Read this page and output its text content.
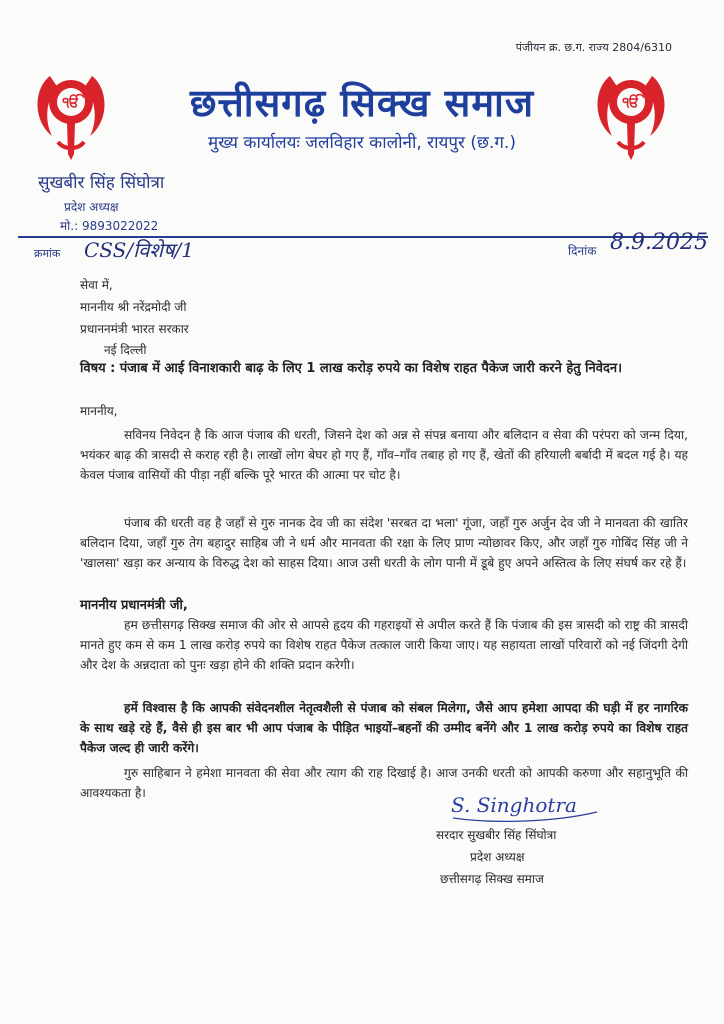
पंजीयन क्र. छ.ग. राज्य 2804/6310
ੴ	ੴ
छत्तीसगढ़ सिक्ख समाज
मुख्य कार्यालयः जलविहार कालोनी, रायपुर (छ.ग.)
सुखबीर सिंह सिंघोत्रा
प्रदेश अध्यक्ष
मो.: 9893022022
क्रमांक CSS/विशेष/1	दिनांक 8.9.2025
सेवा में,
माननीय श्री नरेंद्रमोदी जी
प्रधाननमंत्री भारत सरकार
नई दिल्ली
विषय : पंजाब में आई विनाशकारी बाढ़ के लिए 1 लाख करोड़ रुपये का विशेष राहत पैकेज जारी करने हेतु निवेदन।
माननीय,
सविनय निवेदन है कि आज पंजाब की धरती, जिसने देश को अन्न से संपन्न बनाया और बलिदान व सेवा की परंपरा को जन्म दिया, भयंकर बाढ़ की त्रासदी से कराह रही है। लाखों लोग बेघर हो गए हैं, गाँव–गाँव तबाह हो गए हैं, खेतों की हरियाली बर्बादी में बदल गई है। यह केवल पंजाब वासियों की पीड़ा नहीं बल्कि पूरे भारत की आत्मा पर चोट है।
पंजाब की धरती वह है जहाँ से गुरु नानक देव जी का संदेश 'सरबत दा भला' गूंजा, जहाँ गुरु अर्जुन देव जी ने मानवता की खातिर बलिदान दिया, जहाँ गुरु तेग बहादुर साहिब जी ने धर्म और मानवता की रक्षा के लिए प्राण न्योछावर किए, और जहाँ गुरु गोबिंद सिंह जी ने 'खालसा' खड़ा कर अन्याय के विरुद्ध देश को साहस दिया। आज उसी धरती के लोग पानी में डूबे हुए अपने अस्तित्व के लिए संघर्ष कर रहे हैं।
माननीय प्रधानमंत्री जी,
हम छत्तीसगढ़ सिक्ख समाज की ओर से आपसे हृदय की गहराइयों से अपील करते हैं कि पंजाब की इस त्रासदी को राष्ट्र की त्रासदी मानते हुए कम से कम 1 लाख करोड़ रुपये का विशेष राहत पैकेज तत्काल जारी किया जाए। यह सहायता लाखों परिवारों को नई जिंदगी देगी और देश के अन्नदाता को पुनः खड़ा होने की शक्ति प्रदान करेगी।
हमें विश्वास है कि आपकी संवेदनशील नेतृत्वशैली से पंजाब को संबल मिलेगा, जैसे आप हमेशा आपदा की घड़ी में हर नागरिक के साथ खड़े रहे हैं, वैसे ही इस बार भी आप पंजाब के पीड़ित भाइयों–बहनों की उम्मीद बनेंगे और 1 लाख करोड़ रुपये का विशेष राहत पैकेज जल्द ही जारी करेंगे।
गुरु साहिबान ने हमेशा मानवता की सेवा और त्याग की राह दिखाई है। आज उनकी धरती को आपकी करुणा और सहानुभूति की आवश्यकता है।	S. Singhotra
सरदार सुखबीर सिंह सिंघोत्रा
प्रदेश अध्यक्ष
छत्तीसगढ़ सिक्ख समाज
